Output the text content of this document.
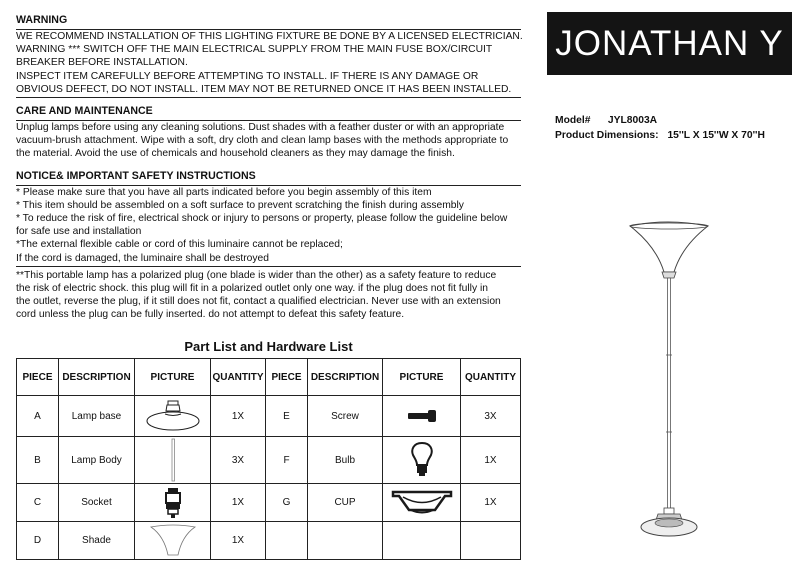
WARNING
WE RECOMMEND INSTALLATION OF THIS LIGHTING FIXTURE BE DONE BY A LICENSED ELECTRICIAN.
WARNING *** SWITCH OFF THE MAIN ELECTRICAL SUPPLY FROM THE MAIN FUSE BOX/CIRCUIT
BREAKER BEFORE INSTALLATION.
INSPECT ITEM CAREFULLY BEFORE ATTEMPTING TO INSTALL. IF THERE IS ANY DAMAGE OR
OBVIOUS DEFECT, DO NOT INSTALL. ITEM MAY NOT BE RETURNED ONCE IT HAS BEEN INSTALLED.
CARE AND MAINTENANCE
Unplug lamps before using any cleaning solutions. Dust shades with a feather duster or with an appropriate
vacuum-brush attachment. Wipe with a soft, dry cloth and clean lamp bases with the methods appropriate to
the material. Avoid the use of chemicals and household cleaners as they may damage the finish.
NOTICE& IMPORTANT SAFETY INSTRUCTIONS
* Please make sure that you have all parts indicated before you begin assembly of this item
* This item should be assembled on a soft surface to prevent scratching the finish during assembly
* To reduce the risk of fire, electrical shock or injury to persons or property, please follow the guideline below
for safe use and installation
*The external flexible cable or cord of this luminaire cannot be replaced;
If the cord is damaged, the luminaire shall be destroyed
**This portable lamp has a polarized plug (one blade is wider than the other) as a safety feature to reduce
the risk of electric shock. this plug will fit in a polarized outlet only one way. if the plug does not fit fully in
the outlet, reverse the plug, if it still does not fit, contact a qualified electrician. Never use with an extension
cord unless the plug can be fully inserted. do not attempt to defeat this safety feature.
JONATHAN Y
Model# JYL8003A
Product Dimensions: 15''L X 15''W X 70''H
Part List and Hardware List
PIECE	DESCRIPTION	PICTURE	QUANTITY	PIECE	DESCRIPTION	PICTURE	QUANTITY
A	Lamp base		1X	E	Screw		3X
B	Lamp Body		3X	F	Bulb		1X
C	Socket		1X	G	CUP		1X
D	Shade		1X				
